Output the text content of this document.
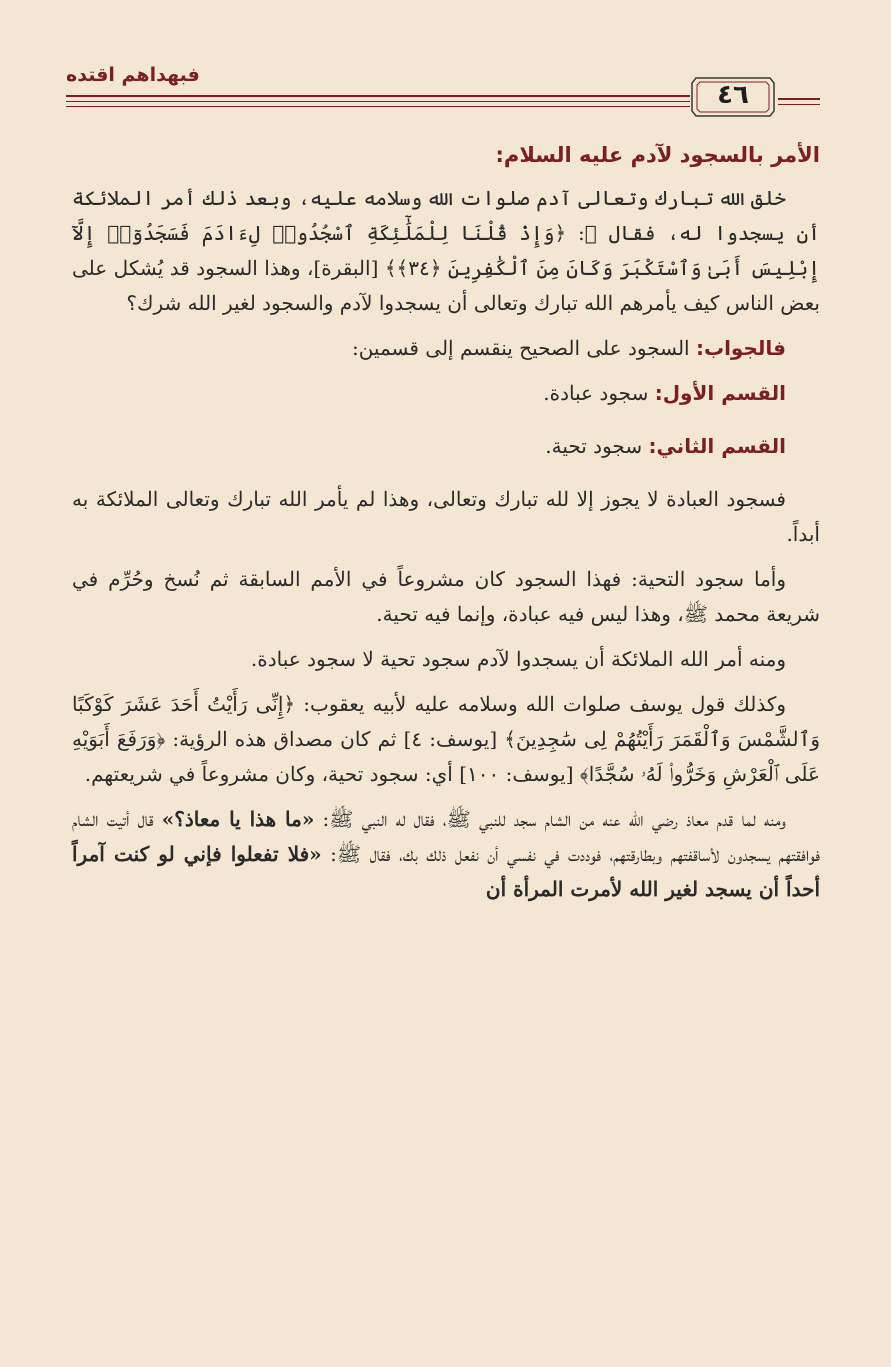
فبهداهم اقتده
٤٦
الأمر بالسجود لآدم عليه السلام:

خلق الله تبارك وتعالى آدم صلوات الله وسلامه عليه، وبعد ذلك أمر الملائكة أن يسجدوا له، فقال ﷻ: ﴿وَإِذْ قُلْنَا لِلْمَلَٰٓئِكَةِ ٱسْجُدُوا۟ لِءَادَمَ فَسَجَدُوٓا۟ إِلَّآ إِبْلِيسَ أَبَىٰ وَٱسْتَكْبَرَ وَكَانَ مِنَ ٱلْكَٰفِرِينَ ﴿٣٤﴾﴾ [البقرة]، وهذا السجود قد يُشكل على بعض الناس كيف يأمرهم الله تبارك وتعالى أن يسجدوا لآدم والسجود لغير الله شرك؟

فالجواب: السجود على الصحيح ينقسم إلى قسمين:

القسم الأول: سجود عبادة.

القسم الثاني: سجود تحية.

فسجود العبادة لا يجوز إلا لله تبارك وتعالى، وهذا لم يأمر الله تبارك وتعالى الملائكة به أبداً.

وأما سجود التحية: فهذا السجود كان مشروعاً في الأمم السابقة ثم نُسخ وحُرِّم في شريعة محمد ﷺ، وهذا ليس فيه عبادة، وإنما فيه تحية.

ومنه أمر الله الملائكة أن يسجدوا لآدم سجود تحية لا سجود عبادة.

وكذلك قول يوسف صلوات الله وسلامه عليه لأبيه يعقوب: ﴿إِنِّى رَأَيْتُ أَحَدَ عَشَرَ كَوْكَبًا وَٱلشَّمْسَ وَٱلْقَمَرَ رَأَيْتُهُمْ لِى سَٰجِدِينَ﴾ [يوسف: ٤] ثم كان مصداق هذه الرؤية: ﴿وَرَفَعَ أَبَوَيْهِ عَلَى ٱلْعَرْشِ وَخَرُّوا۟ لَهُۥ سُجَّدًا﴾ [يوسف: ١٠٠] أي: سجود تحية، وكان مشروعاً في شريعتهم.

ومنه لما قدم معاذ رضي الله عنه من الشام سجد للنبي ﷺ، فقال له النبي ﷺ: «ما هذا يا معاذ؟» قال أتيت الشام فوافقتهم يسجدون لأساقفتهم وبطارقتهم، فوددت في نفسي أن نفعل ذلك بك، فقال ﷺ: «فلا تفعلوا فإني لو كنت آمراً أحداً أن يسجد لغير الله لأمرت المرأة أن
